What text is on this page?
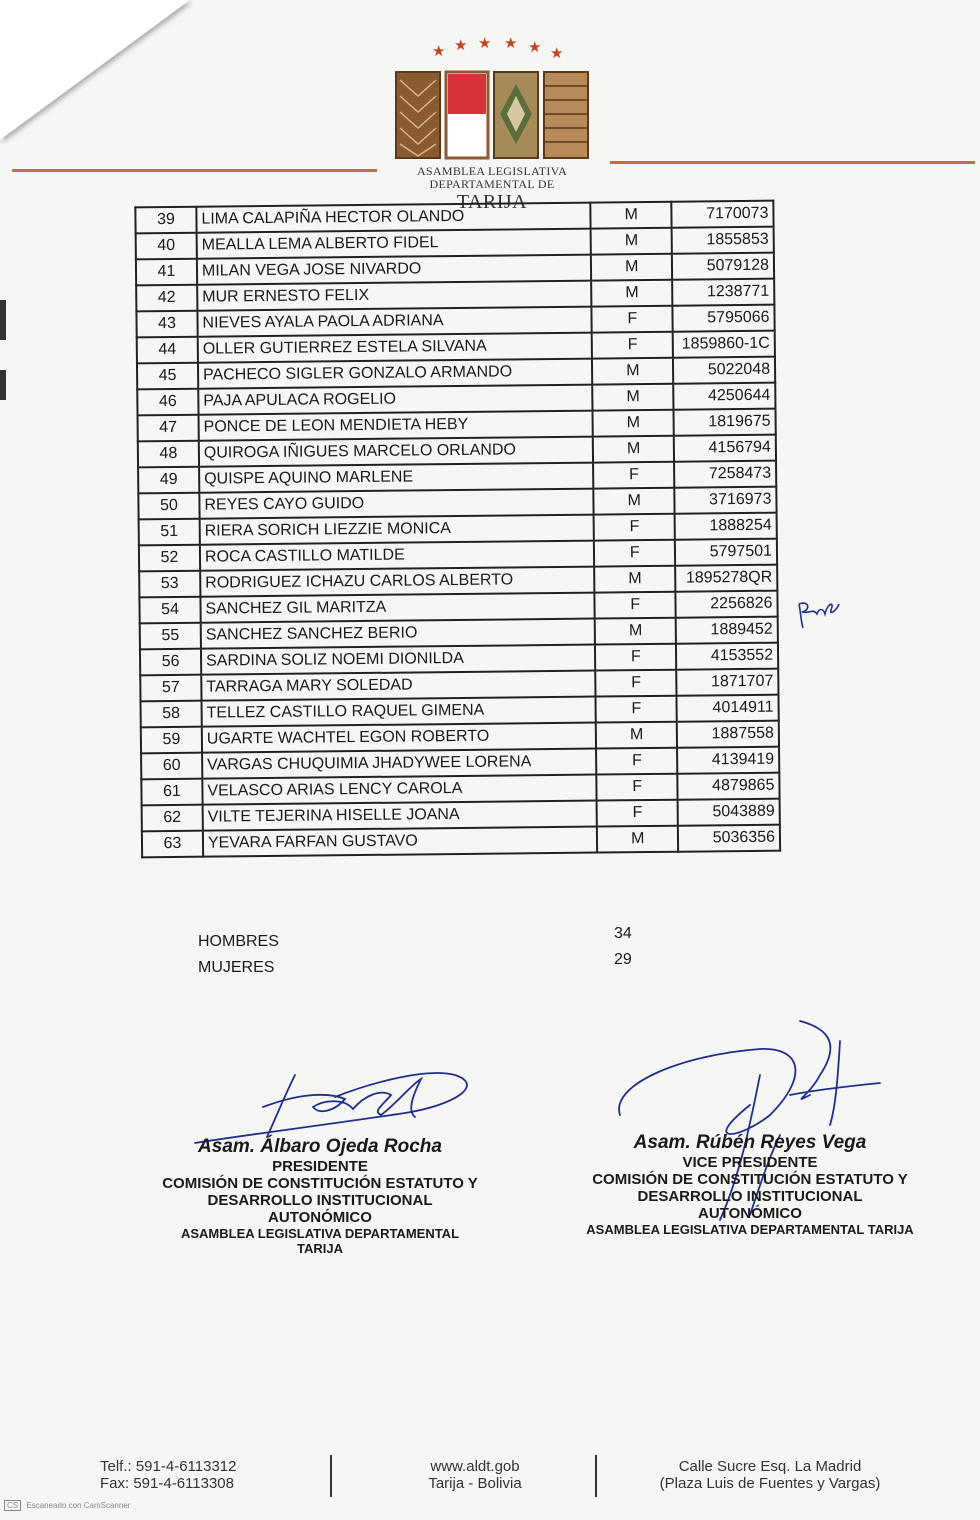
★ ★ ★ ★ ★ ★
ASAMBLEA LEGISLATIVA
DEPARTAMENTAL DE
TARIJA
39	LIMA CALAPIÑA HECTOR OLANDO	M	7170073
40	MEALLA LEMA ALBERTO FIDEL	M	1855853
41	MILAN VEGA JOSE NIVARDO	M	5079128
42	MUR ERNESTO FELIX	M	1238771
43	NIEVES AYALA PAOLA ADRIANA	F	5795066
44	OLLER GUTIERREZ ESTELA SILVANA	F	1859860-1C
45	PACHECO SIGLER GONZALO ARMANDO	M	5022048
46	PAJA APULACA ROGELIO	M	4250644
47	PONCE DE LEON MENDIETA HEBY	M	1819675
48	QUIROGA IÑIGUES MARCELO ORLANDO	M	4156794
49	QUISPE AQUINO MARLENE	F	7258473
50	REYES CAYO GUIDO	M	3716973
51	RIERA SORICH LIEZZIE MONICA	F	1888254
52	ROCA CASTILLO MATILDE	F	5797501
53	RODRIGUEZ ICHAZU CARLOS ALBERTO	M	1895278QR
54	SANCHEZ GIL MARITZA	F	2256826
55	SANCHEZ SANCHEZ BERIO	M	1889452
56	SARDINA SOLIZ NOEMI DIONILDA	F	4153552
57	TARRAGA MARY SOLEDAD	F	1871707
58	TELLEZ CASTILLO RAQUEL GIMENA	F	4014911
59	UGARTE WACHTEL EGON ROBERTO	M	1887558
60	VARGAS CHUQUIMIA JHADYWEE LORENA	F	4139419
61	VELASCO ARIAS LENCY CAROLA	F	4879865
62	VILTE TEJERINA HISELLE JOANA	F	5043889
63	YEVARA FARFAN GUSTAVO	M	5036356
HOMBRES	34
MUJERES	29
Asam. Álbaro Ojeda Rocha
PRESIDENTE
COMISIÓN DE CONSTITUCIÓN ESTATUTO Y
DESARROLLO INSTITUCIONAL AUTONÓMICO
ASAMBLEA LEGISLATIVA DEPARTAMENTAL TARIJA
Asam. Rúbén Reyes Vega
VICE PRESIDENTE
COMISIÓN DE CONSTITUCIÓN ESTATUTO Y
DESARROLLO INSTITUCIONAL AUTONÓMICO
ASAMBLEA LEGISLATIVA DEPARTAMENTAL TARIJA
Telf.: 591-4-6113312
Fax: 591-4-6113308
www.aldt.gob
Tarija - Bolivia
Calle Sucre Esq. La Madrid
(Plaza Luis de Fuentes y Vargas)
CS Escaneado con CamScanner
